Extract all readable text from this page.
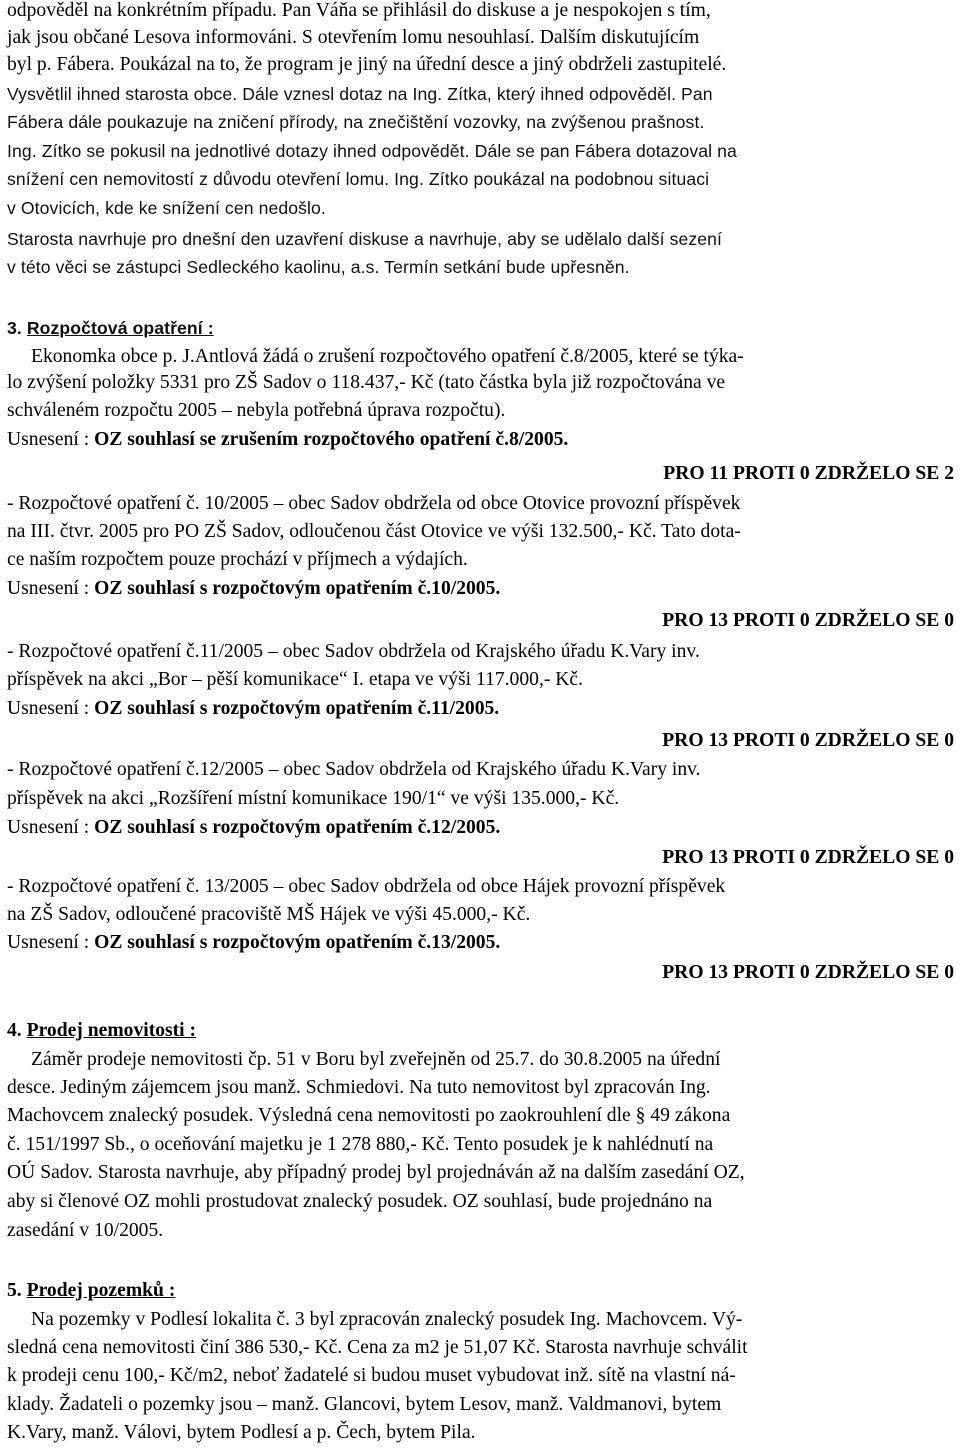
odpověděl na konkrétním případu. Pan Váňa se přihlásil do diskuse a je nespokojen s tím,
jak jsou občané Lesova informováni. S otevřením lomu nesouhlasí. Dalším diskutujícím
byl p. Fábera. Poukázal na to, že program je jiný na úřední desce a jiný obdrželi zastupitelé.
Vysvětlil ihned starosta obce. Dále vznesl dotaz na Ing. Zítka, který ihned odpověděl. Pan
Fábera dále poukazuje na zničení přírody, na znečištění vozovky, na zvýšenou prašnost.
Ing. Zítko se pokusil na jednotlivé dotazy ihned odpovědět. Dále se pan Fábera dotazoval na
snížení cen nemovitostí z důvodu otevření lomu. Ing. Zítko poukázal na podobnou situaci
v Otovicích, kde ke snížení cen nedošlo.
Starosta navrhuje pro dnešní den uzavření diskuse a navrhuje, aby se udělalo další sezení
v této věci se zástupci Sedleckého kaolinu, a.s. Termín setkání bude upřesněn.
3. Rozpočtová opatření :
Ekonomka obce p. J.Antlová žádá o zrušení rozpočtového opatření č.8/2005, které se týka-
lo zvýšení položky 5331 pro ZŠ Sadov o 118.437,- Kč (tato částka byla již rozpočtována ve
schváleném rozpočtu 2005 – nebyla potřebná úprava rozpočtu).
Usnesení : OZ souhlasí se zrušením rozpočtového opatření č.8/2005.
PRO 11 PROTI 0 ZDRŽELO SE 2
- Rozpočtové opatření č. 10/2005 – obec Sadov obdržela od obce Otovice provozní příspěvek
na III. čtvr. 2005 pro PO ZŠ Sadov, odloučenou část Otovice ve výši 132.500,- Kč. Tato dota-
ce naším rozpočtem pouze prochází v příjmech a výdajích.
Usnesení : OZ souhlasí s rozpočtovým opatřením č.10/2005.
PRO 13 PROTI 0 ZDRŽELO SE 0
- Rozpočtové opatření č.11/2005 – obec Sadov obdržela od Krajského úřadu K.Vary inv.
příspěvek na akci „Bor – pěší komunikace“ I. etapa ve výši 117.000,- Kč.
Usnesení : OZ souhlasí s rozpočtovým opatřením č.11/2005.
PRO 13 PROTI 0 ZDRŽELO SE 0
- Rozpočtové opatření č.12/2005 – obec Sadov obdržela od Krajského úřadu K.Vary inv.
příspěvek na akci „Rozšíření místní komunikace 190/1“ ve výši 135.000,- Kč.
Usnesení : OZ souhlasí s rozpočtovým opatřením č.12/2005.
PRO 13 PROTI 0 ZDRŽELO SE 0
- Rozpočtové opatření č. 13/2005 – obec Sadov obdržela od obce Hájek provozní příspěvek
na ZŠ Sadov, odloučené pracoviště MŠ Hájek ve výši 45.000,- Kč.
Usnesení : OZ souhlasí s rozpočtovým opatřením č.13/2005.
PRO 13 PROTI 0 ZDRŽELO SE 0
4. Prodej nemovitosti :
Záměr prodeje nemovitosti čp. 51 v Boru byl zveřejněn od 25.7. do 30.8.2005 na úřední
desce. Jediným zájemcem jsou manž. Schmiedovi. Na tuto nemovitost byl zpracován Ing.
Machovcem znalecký posudek. Výsledná cena nemovitosti po zaokrouhlení dle § 49 zákona
č. 151/1997 Sb., o oceňování majetku je 1 278 880,- Kč. Tento posudek je k nahlédnutí na
OÚ Sadov. Starosta navrhuje, aby případný prodej byl projednáván až na dalším zasedání OZ,
aby si členové OZ mohli prostudovat znalecký posudek. OZ souhlasí, bude projednáno na
zasedání v 10/2005.
5. Prodej pozemků :
Na pozemky v Podlesí lokalita č. 3 byl zpracován znalecký posudek Ing. Machovcem. Vý-
sledná cena nemovitosti činí 386 530,- Kč. Cena za m2 je 51,07 Kč. Starosta navrhuje schválit
k prodeji cenu 100,- Kč/m2, neboť žadatelé si budou muset vybudovat inž. sítě na vlastní ná-
klady. Žadateli o pozemky jsou – manž. Glancovi, bytem Lesov, manž. Valdmanovi, bytem
K.Vary, manž. Válovi, bytem Podlesí a p. Čech, bytem Pila.
